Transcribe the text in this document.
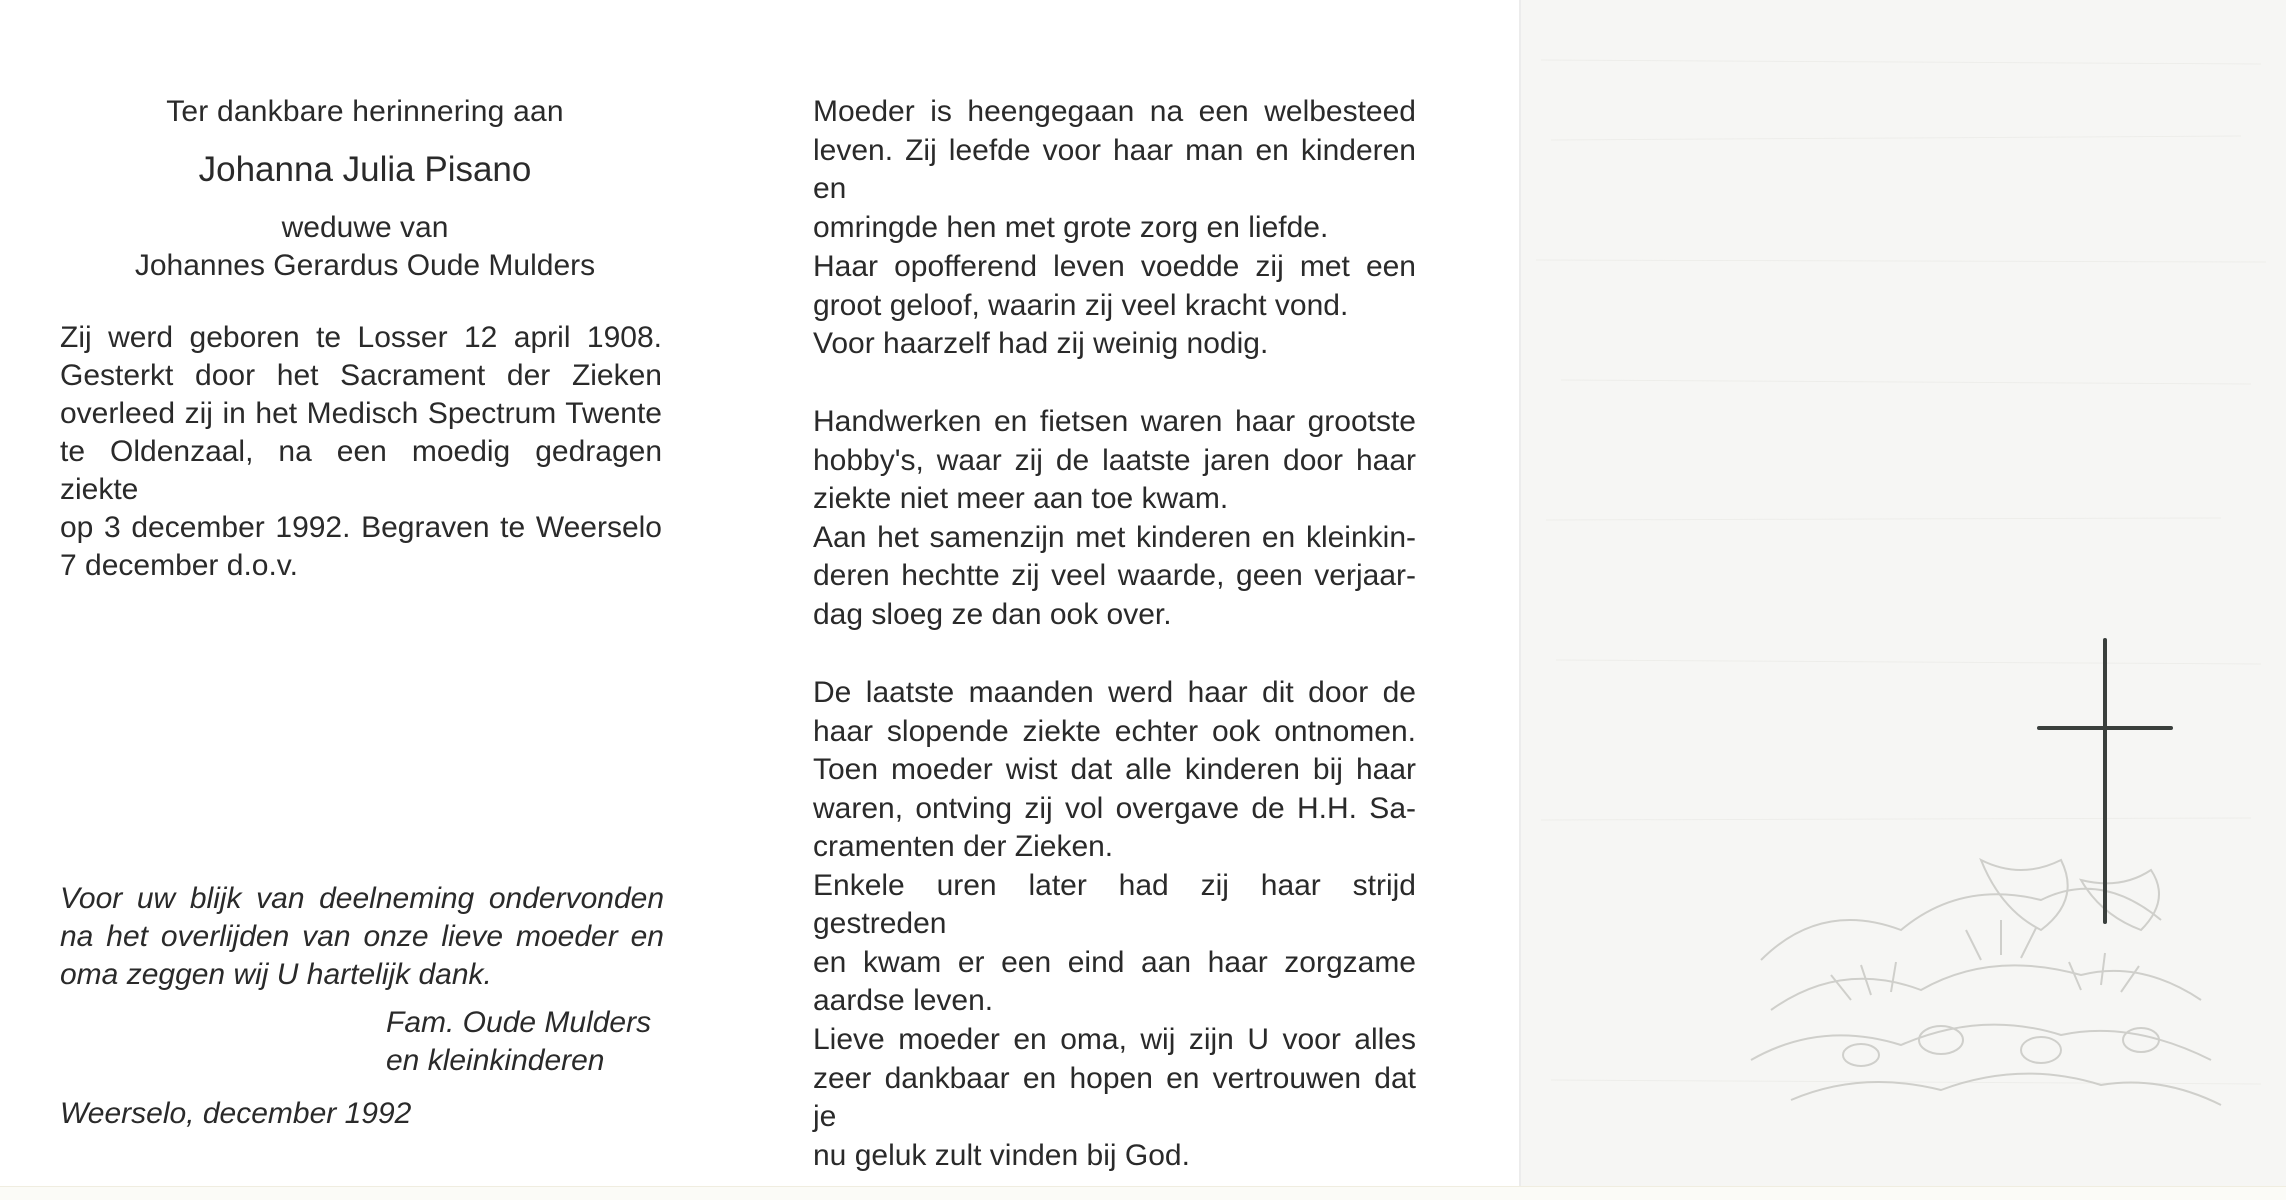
Ter dankbare herinnering aan
Johanna Julia Pisano
weduwe van
Johannes Gerardus Oude Mulders
Zij werd geboren te Losser 12 april 1908.
Gesterkt door het Sacrament der Zieken
overleed zij in het Medisch Spectrum Twente
te Oldenzaal, na een moedig gedragen ziekte
op 3 december 1992. Begraven te Weerselo
7 december d.o.v.
Voor uw blijk van deelneming ondervonden
na het overlijden van onze lieve moeder en
oma zeggen wij U hartelijk dank.
Fam. Oude Mulders
en kleinkinderen
Weerselo, december 1992
Moeder is heengegaan na een welbesteed
leven. Zij leefde voor haar man en kinderen en
omringde hen met grote zorg en liefde.
Haar opofferend leven voedde zij met een
groot geloof, waarin zij veel kracht vond.
Voor haarzelf had zij weinig nodig.
Handwerken en fietsen waren haar grootste
hobby's, waar zij de laatste jaren door haar
ziekte niet meer aan toe kwam.
Aan het samenzijn met kinderen en kleinkin-
deren hechtte zij veel waarde, geen verjaar-
dag sloeg ze dan ook over.
De laatste maanden werd haar dit door de
haar slopende ziekte echter ook ontnomen.
Toen moeder wist dat alle kinderen bij haar
waren, ontving zij vol overgave de H.H. Sa-
cramenten der Zieken.
Enkele uren later had zij haar strijd gestreden
en kwam er een eind aan haar zorgzame
aardse leven.
Lieve moeder en oma, wij zijn U voor alles
zeer dankbaar en hopen en vertrouwen dat je
nu geluk zult vinden bij God.
